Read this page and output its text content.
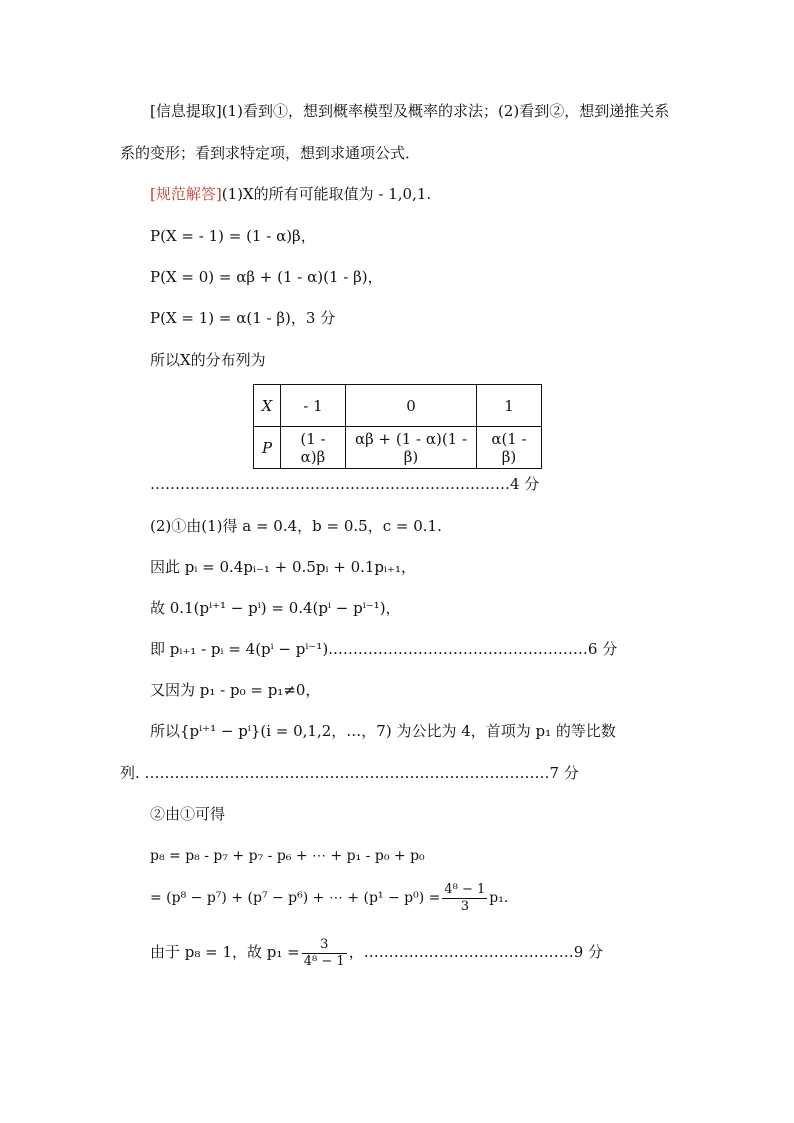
[信息提取](1)看到①，想到概率模型及概率的求法；(2)看到②，想到递推关系
系的变形；看到求特定项，想到求通项公式．
[规范解答](1)X的所有可能取值为 - 1,0,1.
P(X = - 1) = (1 - α)β，
P(X = 0) = αβ + (1 - α)(1 - β)，
P(X = 1) = α(1 - β)，3 分
所以X的分布列为
X	- 1	0	1
P	(1 - α)β	αβ + (1 - α)(1 - β)	α(1 - β)
………………………………………………………………4 分
(2)①由(1)得 a = 0.4，b = 0.5，c = 0.1.
因此 pᵢ = 0.4pᵢ₋₁ + 0.5pᵢ + 0.1pᵢ₊₁，
故 0.1(pⁱ⁺¹ − pⁱ) = 0.4(pⁱ − pⁱ⁻¹)，
即 pᵢ₊₁ - pᵢ = 4(pⁱ − pⁱ⁻¹).……………………………………………6 分
又因为 p₁ - p₀ = p₁≠0，
所以{pⁱ⁺¹ − pⁱ}(i = 0,1,2，…，7) 为公比为 4，首项为 p₁ 的等比数
列. ………………………………………………………………………7 分
②由①可得
p₈ = p₈ - p₇ + p₇ - p₆ + ⋯ + p₁ - p₀ + p₀
= (p⁸ − p⁷) + (p⁷ − p⁶) + ⋯ + $(p^1 - p^0) = \frac{\text{4⁸ − 1}}{3} p_1$.
由于 p₈ = 1，故 $p_1 = \frac{3}{\text{4⁸ − 1}}$ ，……………………………………9 分
